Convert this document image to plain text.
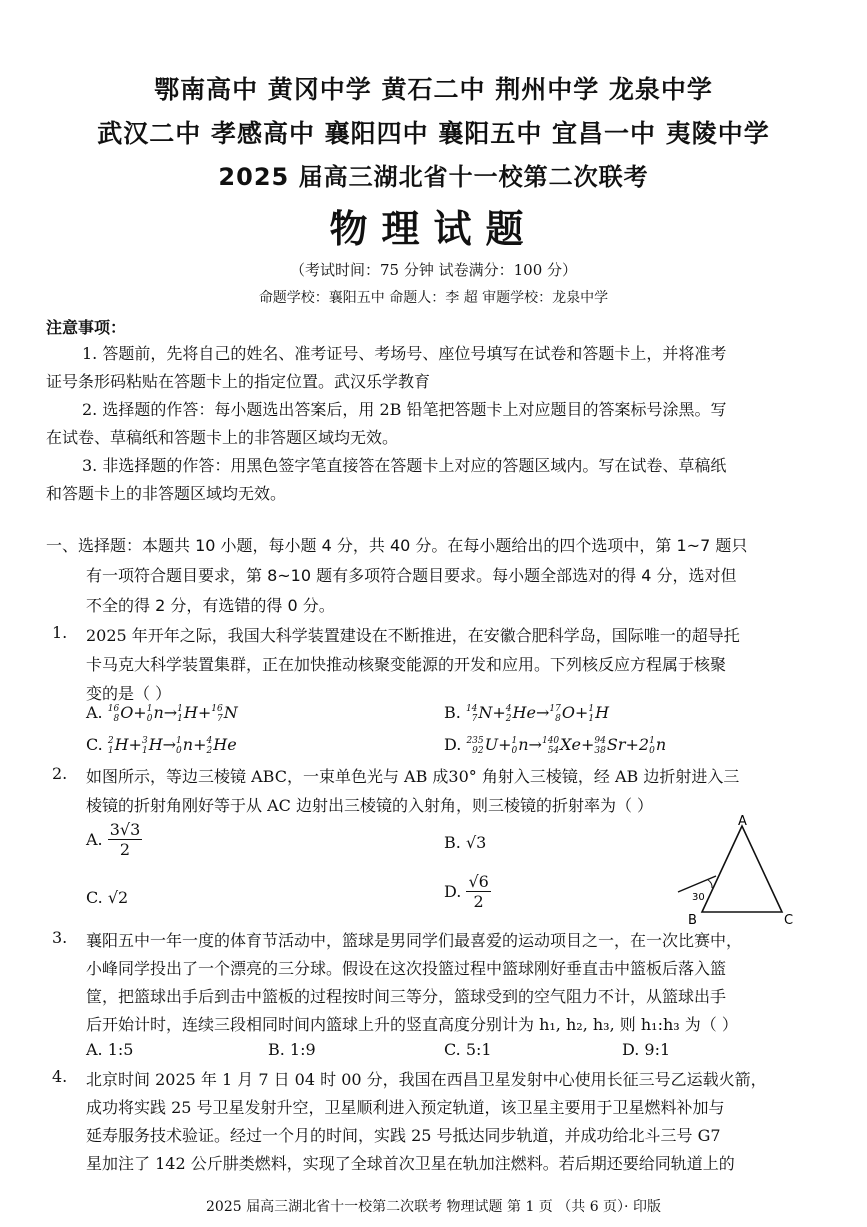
鄂南高中 黄冈中学 黄石二中 荆州中学 龙泉中学
武汉二中 孝感高中 襄阳四中 襄阳五中 宜昌一中 夷陵中学
2025 届高三湖北省十一校第二次联考
物理试题
（考试时间：75 分钟 试卷满分：100 分）
命题学校：襄阳五中 命题人：李 超 审题学校：龙泉中学
注意事项：

1. 答题前，先将自己的姓名、准考证号、考场号、座位号填写在试卷和答题卡上，并将准考

证号条形码粘贴在答题卡上的指定位置。武汉乐学教育

2. 选择题的作答：每小题选出答案后，用 2B 铅笔把答题卡上对应题目的答案标号涂黑。写

在试卷、草稿纸和答题卡上的非答题区域均无效。

3. 非选择题的作答：用黑色签字笔直接答在答题卡上对应的答题区域内。写在试卷、草稿纸

和答题卡上的非答题区域均无效。

一、选择题：本题共 10 小题，每小题 4 分，共 40 分。在每小题给出的四个选项中，第 1~7 题只

有一项符合题目要求，第 8~10 题有多项符合题目要求。每小题全部选对的得 4 分，选对但

不全的得 2 分，有选错的得 0 分。

1. 2025 年开年之际，我国大科学装置建设在不断推进，在安徽合肥科学岛，国际唯一的超导托

卡马克大科学装置集群，正在加快推动核聚变能源的开发和应用。下列核反应方程属于核聚

变的是（ ）

A. 16
8 O+ 1
0 n→ 1
1 H+ 16
7 N	B. 14
7 N+ 4
2 He→ 17
8 O+ 1
1 H
C. 2
1 H+ 3
1 H→ 1
0 n+ 4
2 He	D. 235
92 U+ 1
0 n→ 140
54 Xe+ 94
38 Sr+2 1
0 n

2. 如图所示，等边三棱镜 ABC，一束单色光与 AB 成30° 角射入三棱镜，经 AB 边折射进入三

棱镜的折射角刚好等于从 AC 边射出三棱镜的入射角，则三棱镜的折射率为（ ）

A. $\frac{3√3}{2}$	B. √3
C. √2	D. $\frac{√6}{2}$
A
B	C
30

3. 襄阳五中一年一度的体育节活动中，篮球是男同学们最喜爱的运动项目之一，在一次比赛中，

小峰同学投出了一个漂亮的三分球。假设在这次投篮过程中篮球刚好垂直击中篮板后落入篮

筐，把篮球出手后到击中篮板的过程按时间三等分，篮球受到的空气阻力不计，从篮球出手

后开始计时，连续三段相同时间内篮球上升的竖直高度分别计为 h₁, h₂, h₃, 则 h₁:h₃ 为（ ）

A. 1:5	B. 1:9	C. 5:1	D. 9:1

4. 北京时间 2025 年 1 月 7 日 04 时 00 分，我国在西昌卫星发射中心使用长征三号乙运载火箭，

成功将实践 25 号卫星发射升空，卫星顺利进入预定轨道，该卫星主要用于卫星燃料补加与

延寿服务技术验证。经过一个月的时间，实践 25 号抵达同步轨道，并成功给北斗三号 G7

星加注了 142 公斤肼类燃料，实现了全球首次卫星在轨加注燃料。若后期还要给同轨道上的

2025 届高三湖北省十一校第二次联考 物理试题 第 1 页 （共 6 页）· 印版
